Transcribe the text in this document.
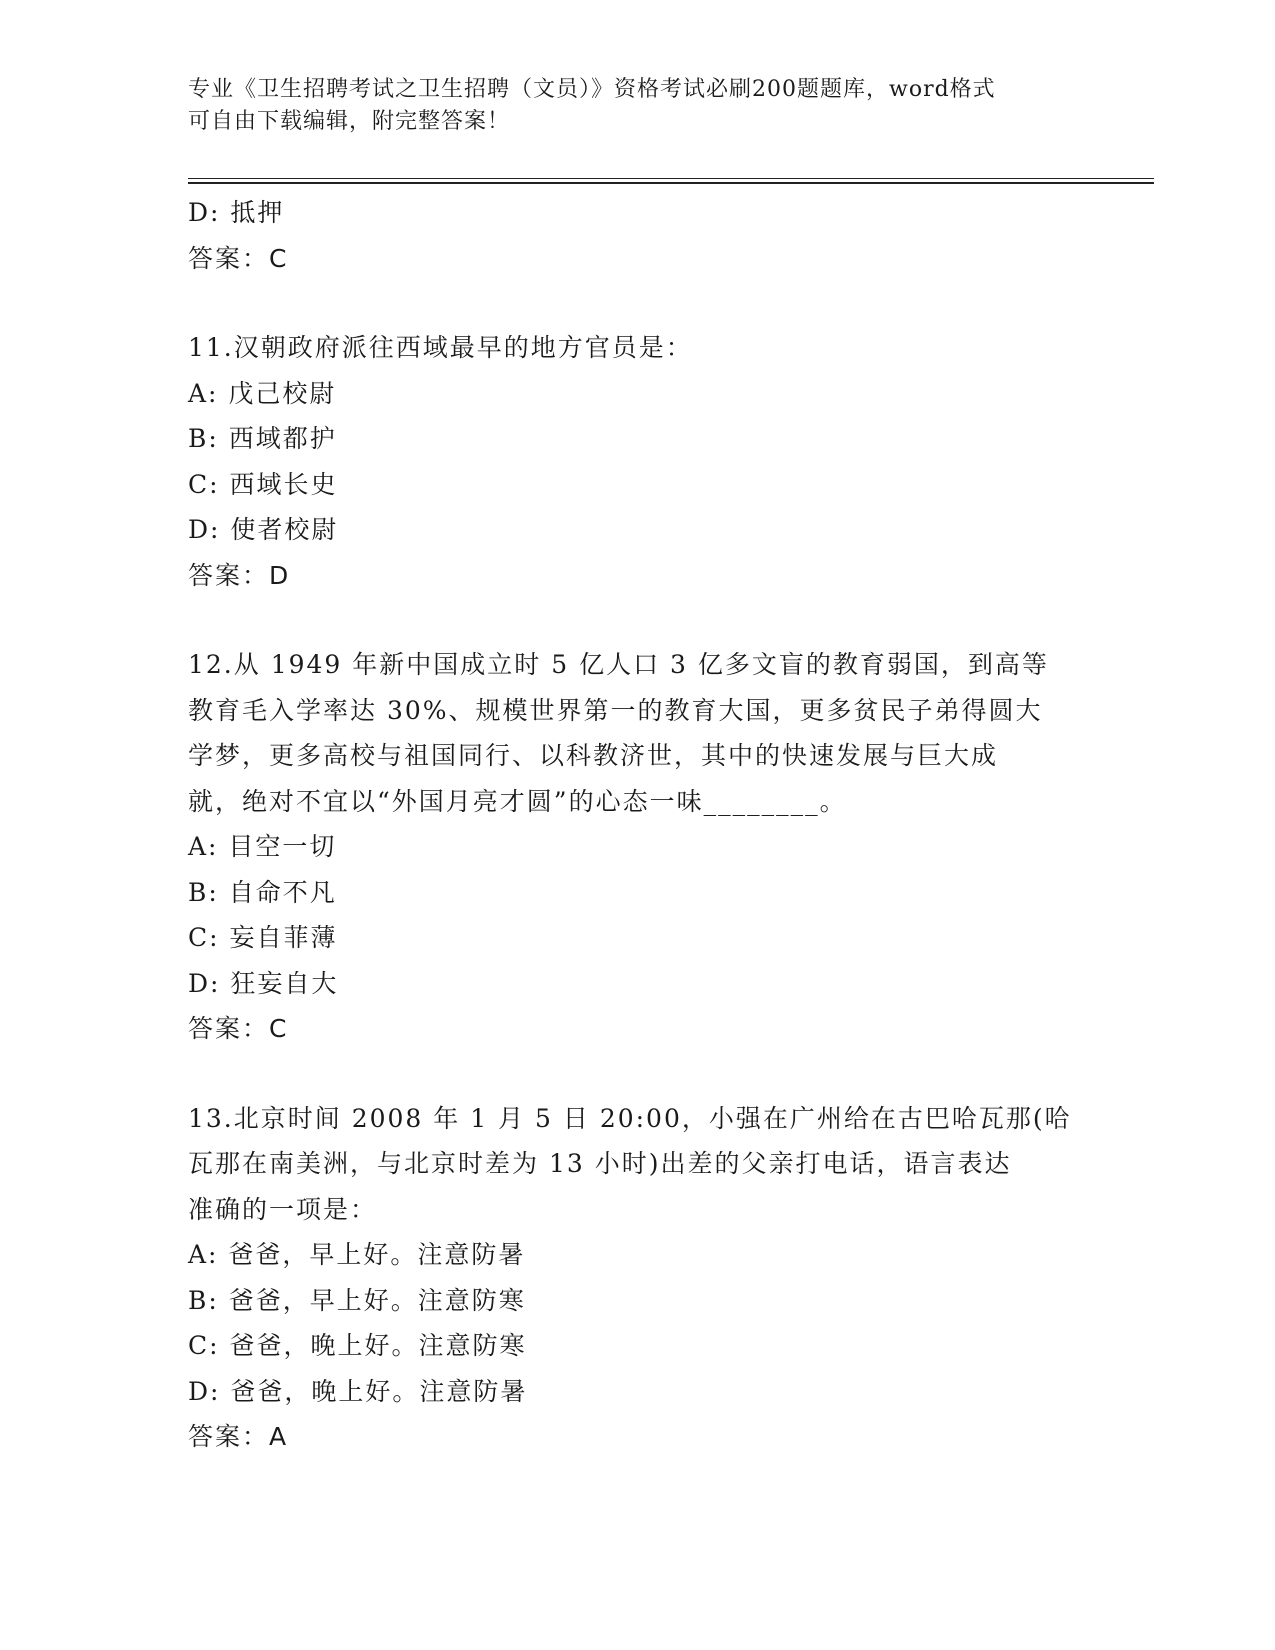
专业《卫生招聘考试之卫生招聘（文员）》资格考试必刷200题题库，word格式
可自由下载编辑，附完整答案！
D: 抵押
答案：C
11.汉朝政府派往西域最早的地方官员是：
A: 戊己校尉
B: 西域都护
C: 西域长史
D: 使者校尉
答案：D
12.从 1949 年新中国成立时 5 亿人口 3 亿多文盲的教育弱国，到高等
教育毛入学率达 30%、规模世界第一的教育大国，更多贫民子弟得圆大
学梦，更多高校与祖国同行、以科教济世，其中的快速发展与巨大成
就，绝对不宜以“外国月亮才圆”的心态一味________。
A: 目空一切
B: 自命不凡
C: 妄自菲薄
D: 狂妄自大
答案：C
13.北京时间 2008 年 1 月 5 日 20:00，小强在广州给在古巴哈瓦那(哈
瓦那在南美洲，与北京时差为 13 小时)出差的父亲打电话，语言表达
准确的一项是：
A: 爸爸，早上好。注意防暑
B: 爸爸，早上好。注意防寒
C: 爸爸，晚上好。注意防寒
D: 爸爸，晚上好。注意防暑
答案：A
